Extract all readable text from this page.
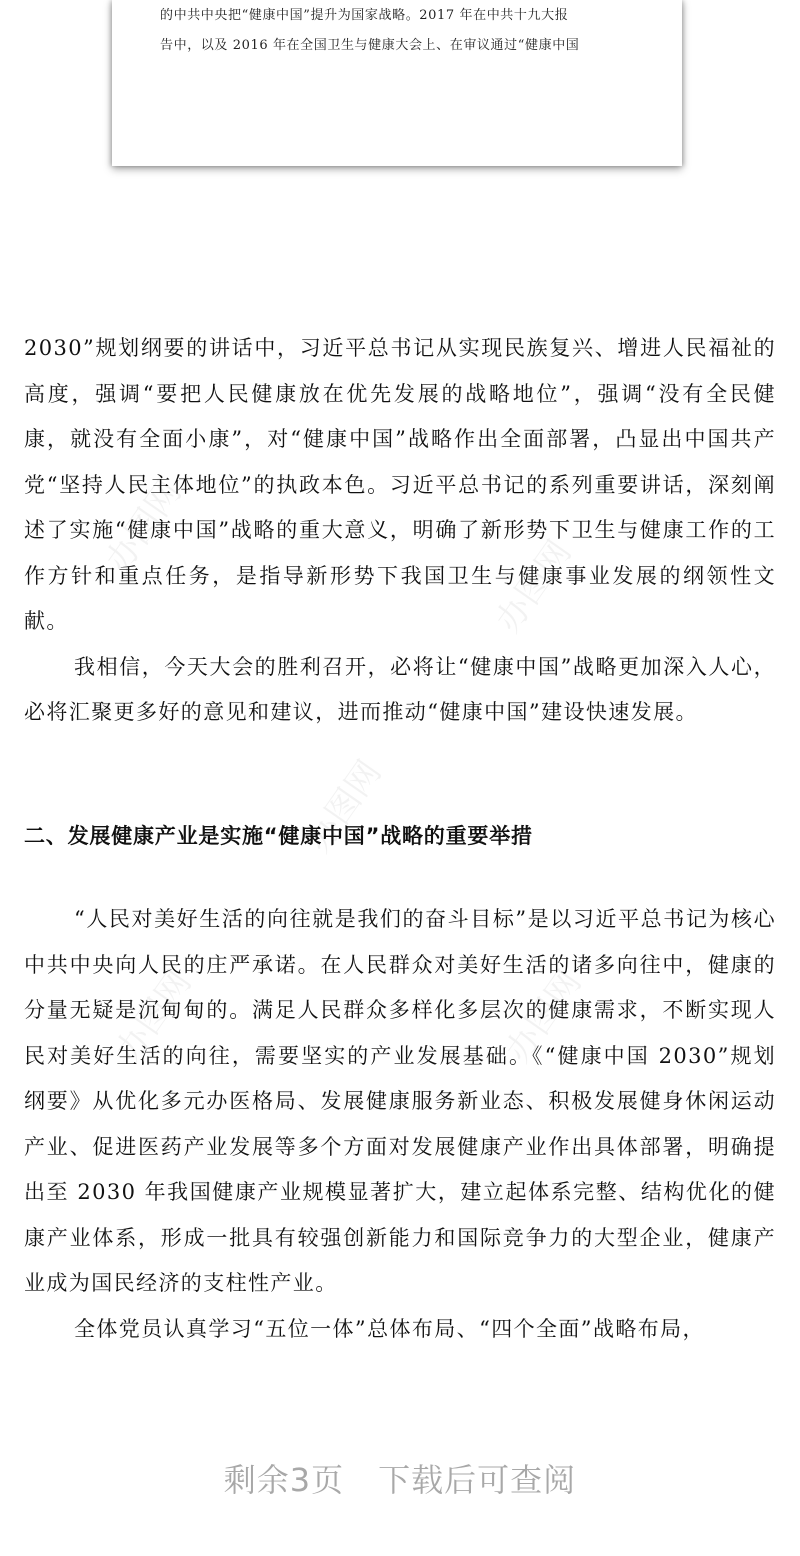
的中共中央把“健康中国”提升为国家战略。2017 年在中共十九大报
告中，以及 2016 年在全国卫生与健康大会上、在审议通过“健康中国

2030”规划纲要的讲话中，习近平总书记从实现民族复兴、增进人民福祉的高度，强调“要把人民健康放在优先发展的战略地位”，强调“没有全民健康，就没有全面小康”，对“健康中国”战略作出全面部署，凸显出中国共产党“坚持人民主体地位”的执政本色。习近平总书记的系列重要讲话，深刻阐述了实施“健康中国”战略的重大意义，明确了新形势下卫生与健康工作的工作方针和重点任务，是指导新形势下我国卫生与健康事业发展的纲领性文献。

我相信，今天大会的胜利召开，必将让“健康中国”战略更加深入人心，必将汇聚更多好的意见和建议，进而推动“健康中国”建设快速发展。

二、发展健康产业是实施“健康中国”战略的重要举措

“人民对美好生活的向往就是我们的奋斗目标”是以习近平总书记为核心中共中央向人民的庄严承诺。在人民群众对美好生活的诸多向往中，健康的分量无疑是沉甸甸的。满足人民群众多样化多层次的健康需求，不断实现人民对美好生活的向往，需要坚实的产业发展基础。《“健康中国 2030”规划纲要》从优化多元办医格局、发展健康服务新业态、积极发展健身休闲运动产业、促进医药产业发展等多个方面对发展健康产业作出具体部署，明确提出至 2030 年我国健康产业规模显著扩大，建立起体系完整、结构优化的健康产业体系，形成一批具有较强创新能力和国际竞争力的大型企业，健康产业成为国民经济的支柱性产业。

全体党员认真学习“五位一体”总体布局、“四个全面”战略布局，

办图网
办图网
办图网
办图网	办图网
剩余3页 下载后可查阅
